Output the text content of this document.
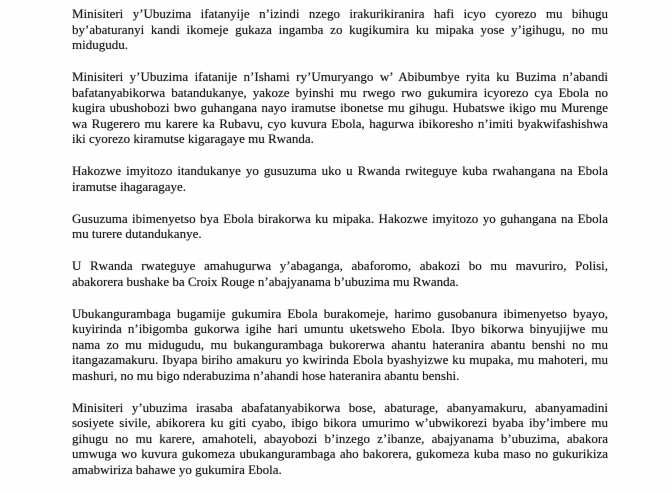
Minisiteri y’Ubuzima ifatanyije n’izindi nzego irakurikiranira hafi icyo cyorezo mu bihugu by’abaturanyi kandi ikomeje gukaza ingamba zo kugikumira ku mipaka yose y’igihugu, no mu midugudu.

Minisiteri y’Ubuzima ifatanije n’Ishami ry’Umuryango w’ Abibumbye ryita ku Buzima n’abandi bafatanyabikorwa batandukanye, yakoze byinshi mu rwego rwo gukumira icyorezo cya Ebola no kugira ubushobozi bwo guhangana nayo iramutse ibonetse mu gihugu. Hubatswe ikigo mu Murenge wa Rugerero mu karere ka Rubavu, cyo kuvura Ebola, hagurwa ibikoresho n’imiti byakwifashishwa iki cyorezo kiramutse kigaragaye mu Rwanda.

Hakozwe imyitozo itandukanye yo gusuzuma uko u Rwanda rwiteguye kuba rwahangana na Ebola iramutse ihagaragaye.

Gusuzuma ibimenyetso bya Ebola birakorwa ku mipaka. Hakozwe imyitozo yo guhangana na Ebola mu turere dutandukanye.

U Rwanda rwateguye amahugurwa y’abaganga, abaforomo, abakozi bo mu mavuriro, Polisi, abakorera bushake ba Croix Rouge n’abajyanama b’ubuzima mu Rwanda.

Ubukangurambaga bugamije gukumira Ebola burakomeje, harimo gusobanura ibimenyetso byayo, kuyirinda n’ibigomba gukorwa igihe hari umuntu uketsweho Ebola. Ibyo bikorwa binyujijwe mu nama zo mu midugudu, mu bukangurambaga bukorerwa ahantu hateranira abantu benshi no mu itangazamakuru. Ibyapa biriho amakuru yo kwirinda Ebola byashyizwe ku mupaka, mu mahoteri, mu mashuri, no mu bigo nderabuzima n’ahandi hose hateranira abantu benshi.

Minisiteri y’ubuzima irasaba abafatanyabikorwa bose, abaturage, abanyamakuru, abanyamadini sosiyete sivile, abikorera ku giti cyabo, ibigo bikora umurimo w’ubwikorezi byaba iby’imbere mu gihugu no mu karere, amahoteli, abayobozi b’inzego z’ibanze, abajyanama b’ubuzima, abakora umwuga wo kuvura gukomeza ubukangurambaga aho bakorera, gukomeza kuba maso no gukurikiza amabwiriza bahawe yo gukumira Ebola.
